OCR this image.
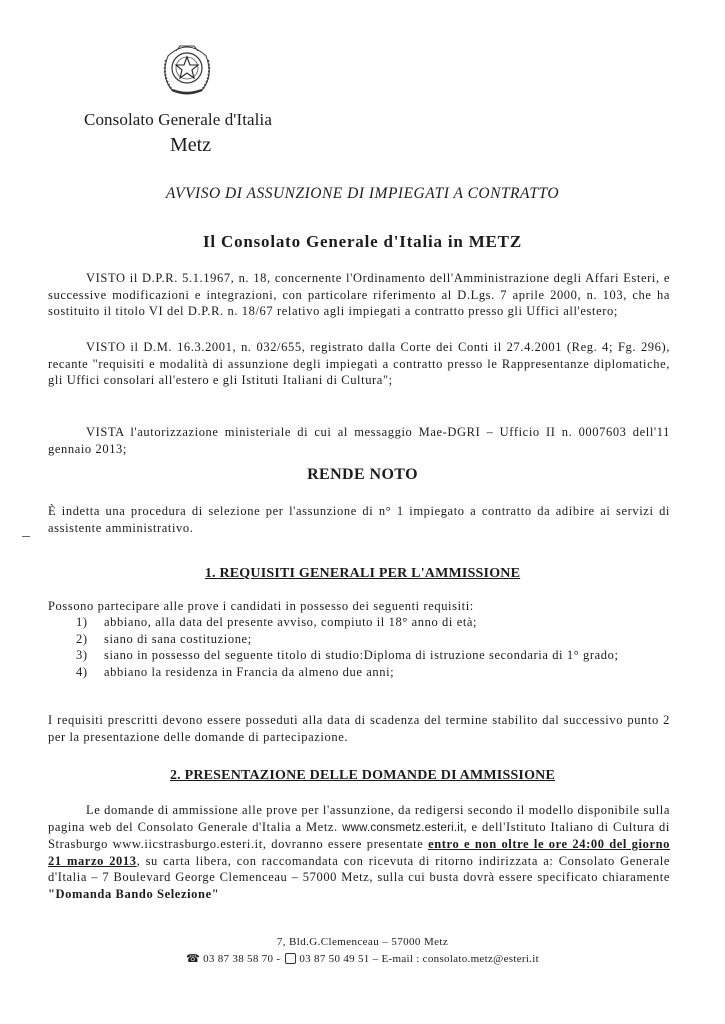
Consolato Generale d'Italia
Metz
AVVISO DI ASSUNZIONE DI IMPIEGATI A CONTRATTO
Il Consolato Generale d'Italia in METZ

VISTO il D.P.R. 5.1.1967, n. 18, concernente l'Ordinamento dell'Amministrazione degli Affari Esteri, e successive modificazioni e integrazioni, con particolare riferimento al D.Lgs. 7 aprile 2000, n. 103, che ha sostituito il titolo VI del D.P.R. n. 18/67 relativo agli impiegati a contratto presso gli Uffici all'estero;

VISTO il D.M. 16.3.2001, n. 032/655, registrato dalla Corte dei Conti il 27.4.2001 (Reg. 4; Fg. 296), recante "requisiti e modalità di assunzione degli impiegati a contratto presso le Rappresentanze diplomatiche, gli Uffici consolari all'estero e gli Istituti Italiani di Cultura";

VISTA l'autorizzazione ministeriale di cui al messaggio Mae-DGRI – Ufficio II n. 0007603 dell'11 gennaio 2013;

RENDE NOTO

È indetta una procedura di selezione per l'assunzione di n° 1 impiegato a contratto da adibire ai servizi di assistente amministrativo.

1. REQUISITI GENERALI PER L'AMMISSIONE

Possono partecipare alle prove i candidati in possesso dei seguenti requisiti:

1) abbiano, alla data del presente avviso, compiuto il 18° anno di età;
2) siano di sana costituzione;
3) siano in possesso del seguente titolo di studio:Diploma di istruzione secondaria di 1° grado;
4) abbiano la residenza in Francia da almeno due anni;

I requisiti prescritti devono essere posseduti alla data di scadenza del termine stabilito dal successivo punto 2 per la presentazione delle domande di partecipazione.

2. PRESENTAZIONE DELLE DOMANDE DI AMMISSIONE

Le domande di ammissione alle prove per l'assunzione, da redigersi secondo il modello disponibile sulla pagina web del Consolato Generale d'Italia a Metz. www.consmetz.esteri.it, e dell'Istituto Italiano di Cultura di Strasburgo www.iicstrasburgo.esteri.it, dovranno essere presentate entro e non oltre le ore 24:00 del giorno 21 marzo 2013, su carta libera, con raccomandata con ricevuta di ritorno indirizzata a: Consolato Generale d'Italia – 7 Boulevard George Clemenceau – 57000 Metz, sulla cui busta dovrà essere specificato chiaramente "Domanda Bando Selezione"

7, Bld.G.Clemenceau – 57000 Metz
☎ 03 87 38 58 70 - 03 87 50 49 51 – E-mail : consolato.metz@esteri.it
